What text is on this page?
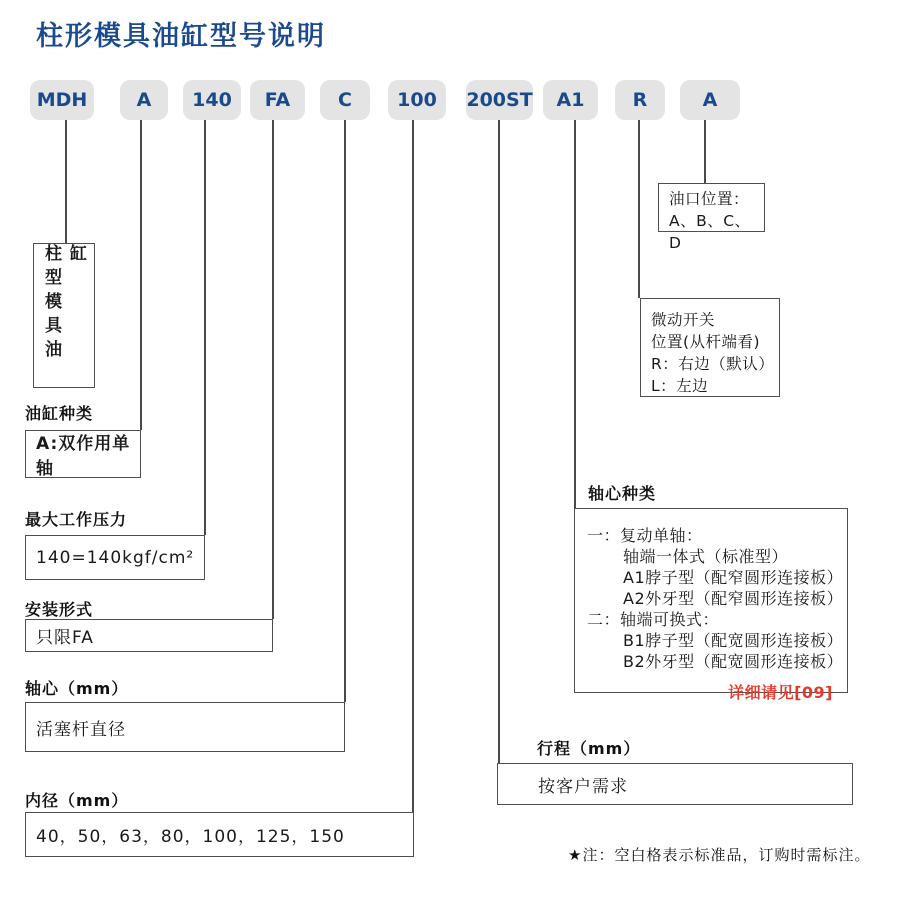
柱形模具油缸型号说明
MDH	A	140	FA	C	100	200ST	A1	R	A
柱型模具油缸
油缸种类
A:双作用单轴
最大工作压力
140=140kgf/cm²
安装形式
只限FA
轴心（mm）
活塞杆直径
内径（mm）
40，50，63，80，100，125，150
行程（mm）
按客户需求
轴心种类
一：复动单轴：
轴端一体式（标准型）
A1脖子型（配窄圆形连接板）
A2外牙型（配窄圆形连接板）
二：轴端可换式：
B1脖子型（配宽圆形连接板）
B2外牙型（配宽圆形连接板）
详细请见[09]
微动开关
位置(从杆端看)
R：右边（默认）
L：左边
油口位置：
A、B、C、D
★注：空白格表示标准品，订购时需标注。
